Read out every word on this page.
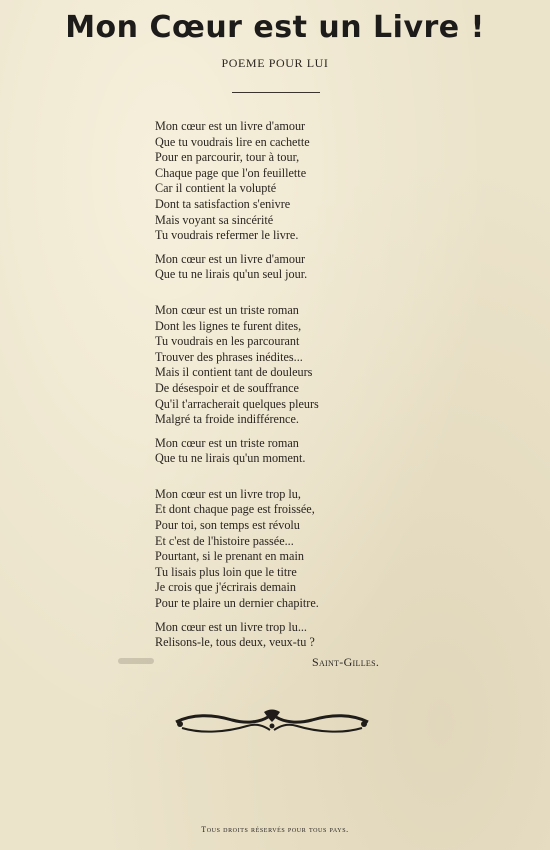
Mon Cœur est un Livre !
POEME POUR LUI
Mon cœur est un livre d'amour
Que tu voudrais lire en cachette
Pour en parcourir, tour à tour,
Chaque page que l'on feuillette
Car il contient la volupté
Dont ta satisfaction s'enivre
Mais voyant sa sincérité
Tu voudrais refermer le livre.
Mon cœur est un livre d'amour
Que tu ne lirais qu'un seul jour.
Mon cœur est un triste roman
Dont les lignes te furent dites,
Tu voudrais en les parcourant
Trouver des phrases inédites...
Mais il contient tant de douleurs
De désespoir et de souffrance
Qu'il t'arracherait quelques pleurs
Malgré ta froide indifférence.
Mon cœur est un triste roman
Que tu ne lirais qu'un moment.
Mon cœur est un livre trop lu,
Et dont chaque page est froissée,
Pour toi, son temps est révolu
Et c'est de l'histoire passée...
Pourtant, si le prenant en main
Tu lisais plus loin que le titre
Je crois que j'écrirais demain
Pour te plaire un dernier chapitre.
Mon cœur est un livre trop lu...
Relisons-le, tous deux, veux-tu ?
Saint-Gilles.
Tous droits réservés pour tous pays.
